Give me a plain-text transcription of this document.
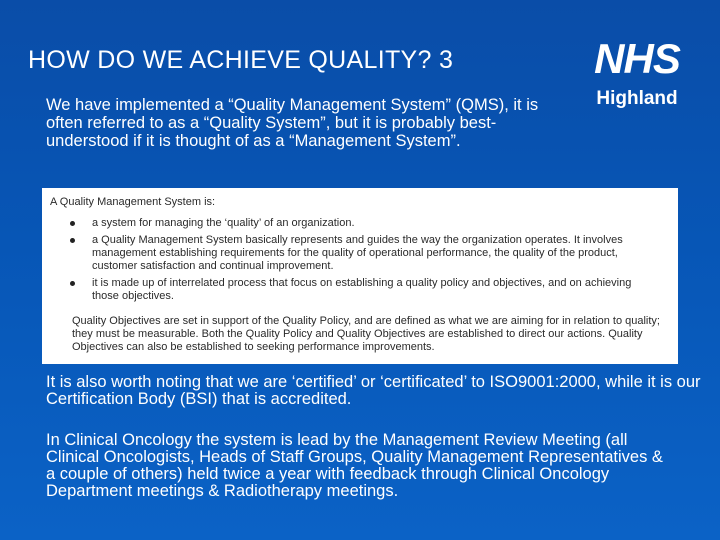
HOW DO WE ACHIEVE QUALITY? 3	NHS
Highland
We have implemented a “Quality Management System” (QMS), it is often referred to as a “Quality System”, but it is probably best-understood if it is thought of as a “Management System”.
A Quality Management System is:
a system for managing the ‘quality’ of an organization.
a Quality Management System basically represents and guides the way the organization operates. It involves management establishing requirements for the quality of operational performance, the quality of the product, customer satisfaction and continual improvement.
it is made up of interrelated process that focus on establishing a quality policy and objectives, and on achieving those objectives.
Quality Objectives are set in support of the Quality Policy, and are defined as what we are aiming for in relation to quality; they must be measurable. Both the Quality Policy and Quality Objectives are established to direct our actions. Quality Objectives can also be established to seeking performance improvements.
It is also worth noting that we are ‘certified’ or ‘certificated’ to ISO9001:2000, while it is our Certification Body (BSI) that is accredited.
In Clinical Oncology the system is lead by the Management Review Meeting (all Clinical Oncologists, Heads of Staff Groups, Quality Management Representatives & a couple of others) held twice a year with feedback through Clinical Oncology Department meetings & Radiotherapy meetings.
